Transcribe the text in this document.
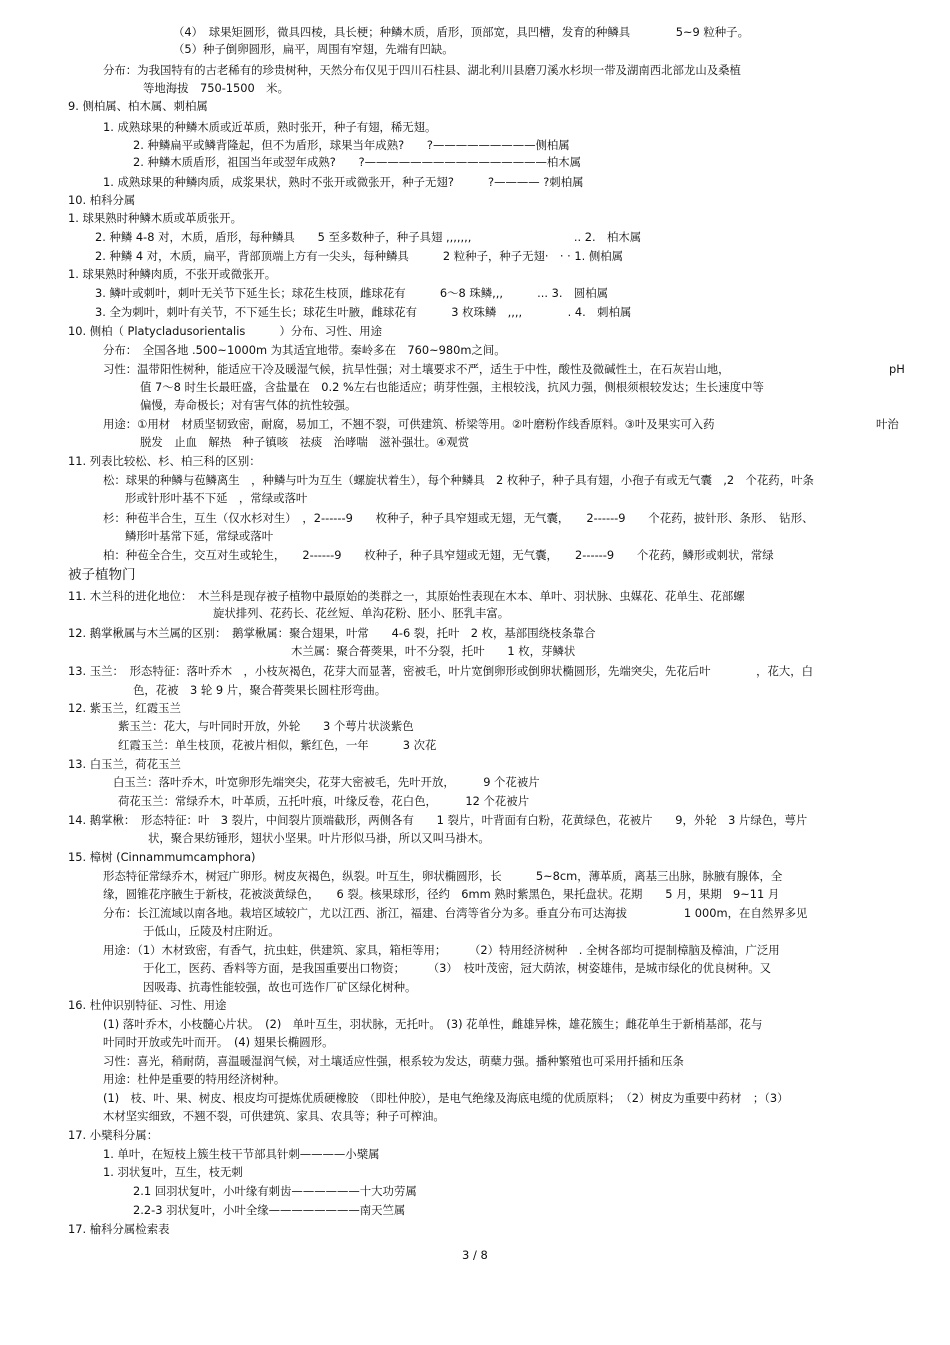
（4）　球果矩圆形，微具四棱，具长梗；种鳞木质，盾形，顶部宽，具凹槽，发育的种鳞具　　　　5~9 粒种子。
（5）种子倒卵圆形，扁平，周围有窄翅，先端有凹缺。
分布：为我国特有的古老稀有的珍贵树种，天然分布仅见于四川石柱县、湖北利川县磨刀溪水杉坝一带及湖南西北部龙山及桑植
等地海拔　750-1500　米。
9. 侧柏属、柏木属、刺柏属
1. 成熟球果的种鳞木质或近革质，熟时张开，种子有翅，稀无翅。
2. 种鳞扁平或鳞背隆起，但不为盾形，球果当年成熟?　　?—————————侧柏属
2. 种鳞木质盾形，祖国当年或翌年成熟?　　?————————————————柏木属
1. 成熟球果的种鳞肉质，成浆果状，熟时不张开或微张开，种子无翅?　　　?———— ?刺柏属
10. 柏科分属
1. 球果熟时种鳞木质或革质张开。
2. 种鳞 4-8 对，木质，盾形，每种鳞具　　5 至多数种子，种子具翅 ,,,,,,,　　　　　　　　　.. 2.　柏木属
2. 种鳞 4 对，木质，扁平，背部顶端上方有一尖头，每种鳞具　　　2 粒种子，种子无翅·　· · 1. 侧柏属
1. 球果熟时种鳞肉质，不张开或微张开。
3. 鳞叶或刺叶，刺叶无关节下延生长；球花生枝顶，雌球花有　　　6～8 珠鳞,,,　　　... 3.　圆柏属
3. 全为刺叶，刺叶有关节，不下延生长；球花生叶腋，雌球花有　　　3 枚珠鳞　,,,,　　　　. 4.　刺柏属
10. 侧柏（ Platycladusorientalis　　　）分布、习性、用途
分布：　全国各地 .500~1000m 为其适宜地带。秦岭多在　760~980m之间。
习性：温带阳性树种，能适应干冷及暖湿气候，抗旱性强；对土壤要求不严，适生于中性，酸性及微碱性土，在石灰岩山地，	pH
值 7～8 时生长最旺盛，含盐量在　0.2 %左右也能适应；萌芽性强，主根较浅，抗风力强，侧根须根较发达；生长速度中等
偏慢，寿命极长；对有害气体的抗性较强。
用途：①用材　材质坚韧致密，耐腐，易加工，不翘不裂，可供建筑、桥梁等用。②叶磨粉作线香原料。③叶及果实可入药	叶治
脱发　止血　解热　种子镇咳　祛痰　治哮喘　滋补强壮。④观赏
11. 列表比较松、杉、柏三科的区别：
松：球果的种鳞与苞鳞离生　，种鳞与叶为互生（螺旋状着生），每个种鳞具　2 枚种子，种子具有翅，小孢子有或无气囊　,2　个花药，叶条
形或针形叶基不下延　，常绿或落叶
杉：种苞半合生，互生（仅水杉对生）　，2------9　　枚种子，种子具窄翅或无翅，无气囊，　　2------9　　个花药，披针形、条形、　钻形、
鳞形叶基常下延，常绿或落叶
柏：种苞全合生，交互对生或轮生，　　2------9　　枚种子，种子具窄翅或无翅，无气囊，　　2------9　　个花药，鳞形或刺状，常绿
被子植物门
11. 木兰科的进化地位：　木兰科是现存被子植物中最原始的类群之一，其原始性表现在木本、单叶、羽状脉、虫媒花、花单生、花部螺
旋状排列、花药长、花丝短、单沟花粉、胚小、胚乳丰富。
12. 鹅掌楸属与木兰属的区别：　鹅掌楸属：聚合翅果，叶常　　4-6 裂，托叶　2 枚，基部围绕枝条靠合
木兰属：聚合蓇葖果，叶不分裂，托叶　　1 枚，芽鳞状
13. 玉兰：　形态特征：落叶乔木　，小枝灰褐色，花芽大而显著，密被毛，叶片宽倒卵形或倒卵状椭圆形，先端突尖，先花后叶　　　　，花大，白
色，花被　3 轮 9 片，聚合蓇葖果长圆柱形弯曲。
12. 紫玉兰，红霞玉兰
紫玉兰：花大，与叶同时开放，外轮　　3 个萼片状淡紫色
红霞玉兰：单生枝顶，花被片相似，紫红色，一年　　　3 次花
13. 白玉兰，荷花玉兰
白玉兰：落叶乔木，叶宽卵形先端突尖，花芽大密被毛，先叶开放，　　　9 个花被片
荷花玉兰：常绿乔木，叶革质，五托叶痕，叶缘反卷，花白色，　　　12 个花被片
14. 鹅掌楸：　形态特征：叶　3 裂片，中间裂片顶端截形，两侧各有　　1 裂片，叶背面有白粉，花黄绿色，花被片　　9，外轮　3 片绿色，萼片
状，聚合果纺锤形，翅状小坚果。叶片形似马褂，所以又叫马褂木。
15. 樟树 (Cinnammumcamphora)
形态特征常绿乔木，树冠广卵形。树皮灰褐色，纵裂。叶互生，卵状椭圆形，长　　　5~8cm，薄革质，离基三出脉，脉腋有腺体，全
缘，圆锥花序腋生于新枝，花被淡黄绿色，　　6 裂。核果球形，径约　6mm 熟时紫黑色，果托盘状。花期　　5 月，果期　9~11 月
分布：长江流域以南各地。栽培区域较广，尤以江西、浙江，福建、台湾等省分为多。垂直分布可达海拔　　　　　1 000m，在自然界多见
于低山，丘陵及村庄附近。
用途：（1）木材致密，有香气，抗虫蛀，供建筑、家具，箱柜等用；　　　（2）特用经济树种　. 全树各部均可提制樟脑及樟油，广泛用
于化工，医药、香料等方面，是我国重要出口物资；　　　（3）　枝叶茂密，冠大荫浓，树姿雄伟，是城市绿化的优良树种。又
因吸毒、抗毒性能较强，故也可选作厂矿区绿化树种。
16. 杜仲识别特征、习性、用途
(1) 落叶乔木，小枝髓心片状。　(2)　单叶互生，羽状脉，无托叶。　(3) 花单性，雌雄异株，雄花簇生；雌花单生于新梢基部，花与
叶同时开放或先叶而开。　(4) 翅果长椭圆形。
习性：喜光，稍耐荫，喜温暖湿润气候，对土壤适应性强，根系较为发达，萌蘖力强。播种繁殖也可采用扦插和压条
用途：杜仲是重要的特用经济树种。
(1)　枝、叶、果、树皮、根皮均可提炼优质硬橡胶　（即杜仲胶），是电气绝缘及海底电缆的优质原料；　（2）树皮为重要中药材　；（3）
木材坚实细致，不翘不裂，可供建筑、家具、农具等；种子可榨油。
17. 小檗科分属：
1. 单叶，在短枝上簇生枝干节部具针刺————小檗属
1. 羽状复叶，互生，枝无刺
2.1 回羽状复叶，小叶缘有刺齿——————十大功劳属
2.2-3 羽状复叶，小叶全缘————————南天竺属
17. 榆科分属检索表
3 / 8
